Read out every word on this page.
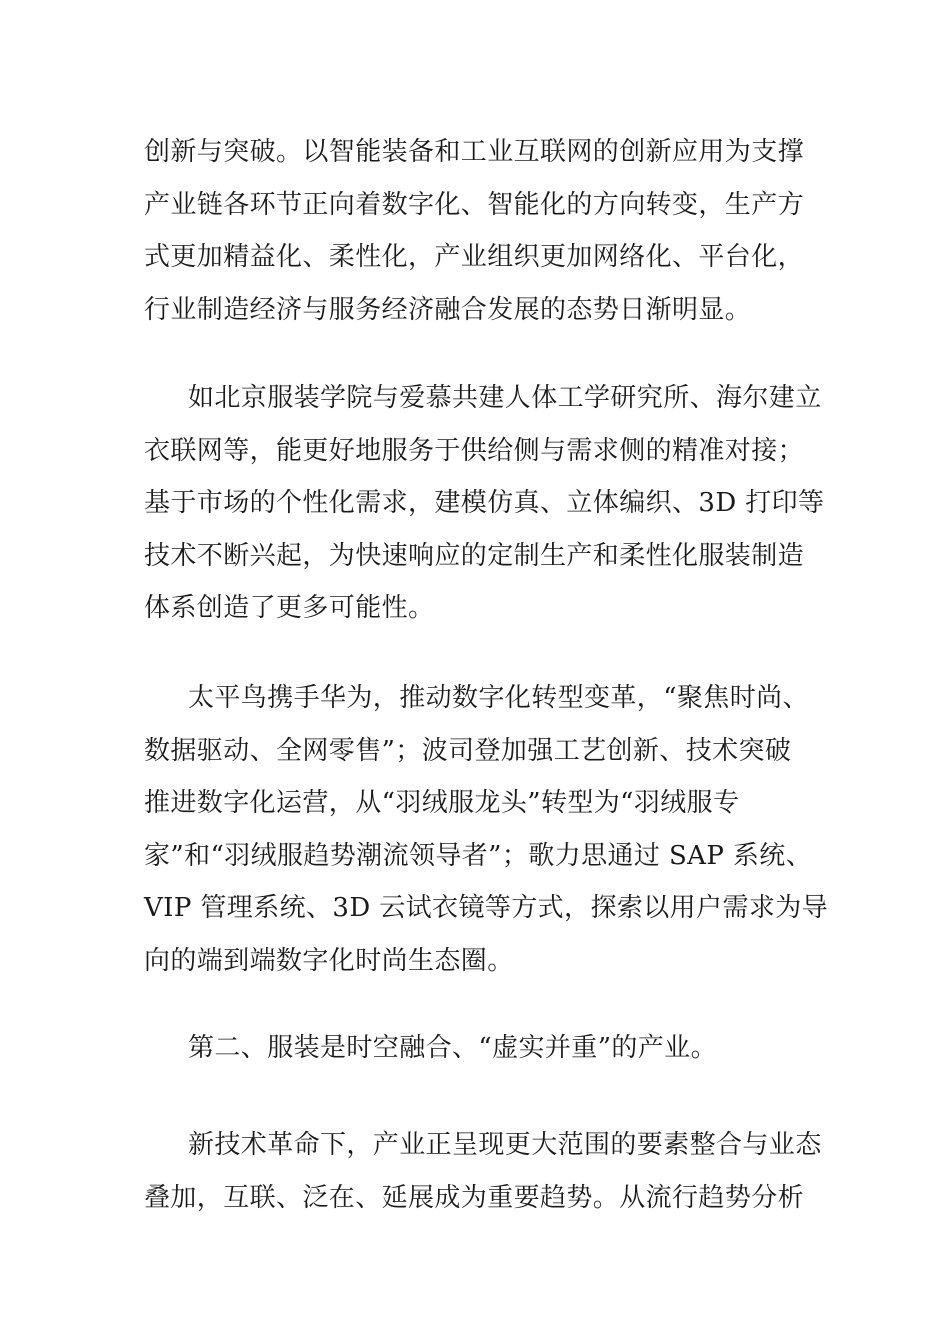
创新与突破。以智能装备和工业互联网的创新应用为支撑
产业链各环节正向着数字化、智能化的方向转变，生产方
式更加精益化、柔性化，产业组织更加网络化、平台化，
行业制造经济与服务经济融合发展的态势日渐明显。
如北京服装学院与爱慕共建人体工学研究所、海尔建立
衣联网等，能更好地服务于供给侧与需求侧的精准对接；
基于市场的个性化需求，建模仿真、立体编织、3D 打印等
技术不断兴起，为快速响应的定制生产和柔性化服装制造
体系创造了更多可能性。
太平鸟携手华为，推动数字化转型变革，“聚焦时尚、
数据驱动、全网零售”；波司登加强工艺创新、技术突破
推进数字化运营，从“羽绒服龙头”转型为“羽绒服专
家”和“羽绒服趋势潮流领导者”；歌力思通过 SAP 系统、
VIP 管理系统、3D 云试衣镜等方式，探索以用户需求为导
向的端到端数字化时尚生态圈。
第二、服装是时空融合、“虚实并重”的产业。
新技术革命下，产业正呈现更大范围的要素整合与业态
叠加，互联、泛在、延展成为重要趋势。从流行趋势分析
